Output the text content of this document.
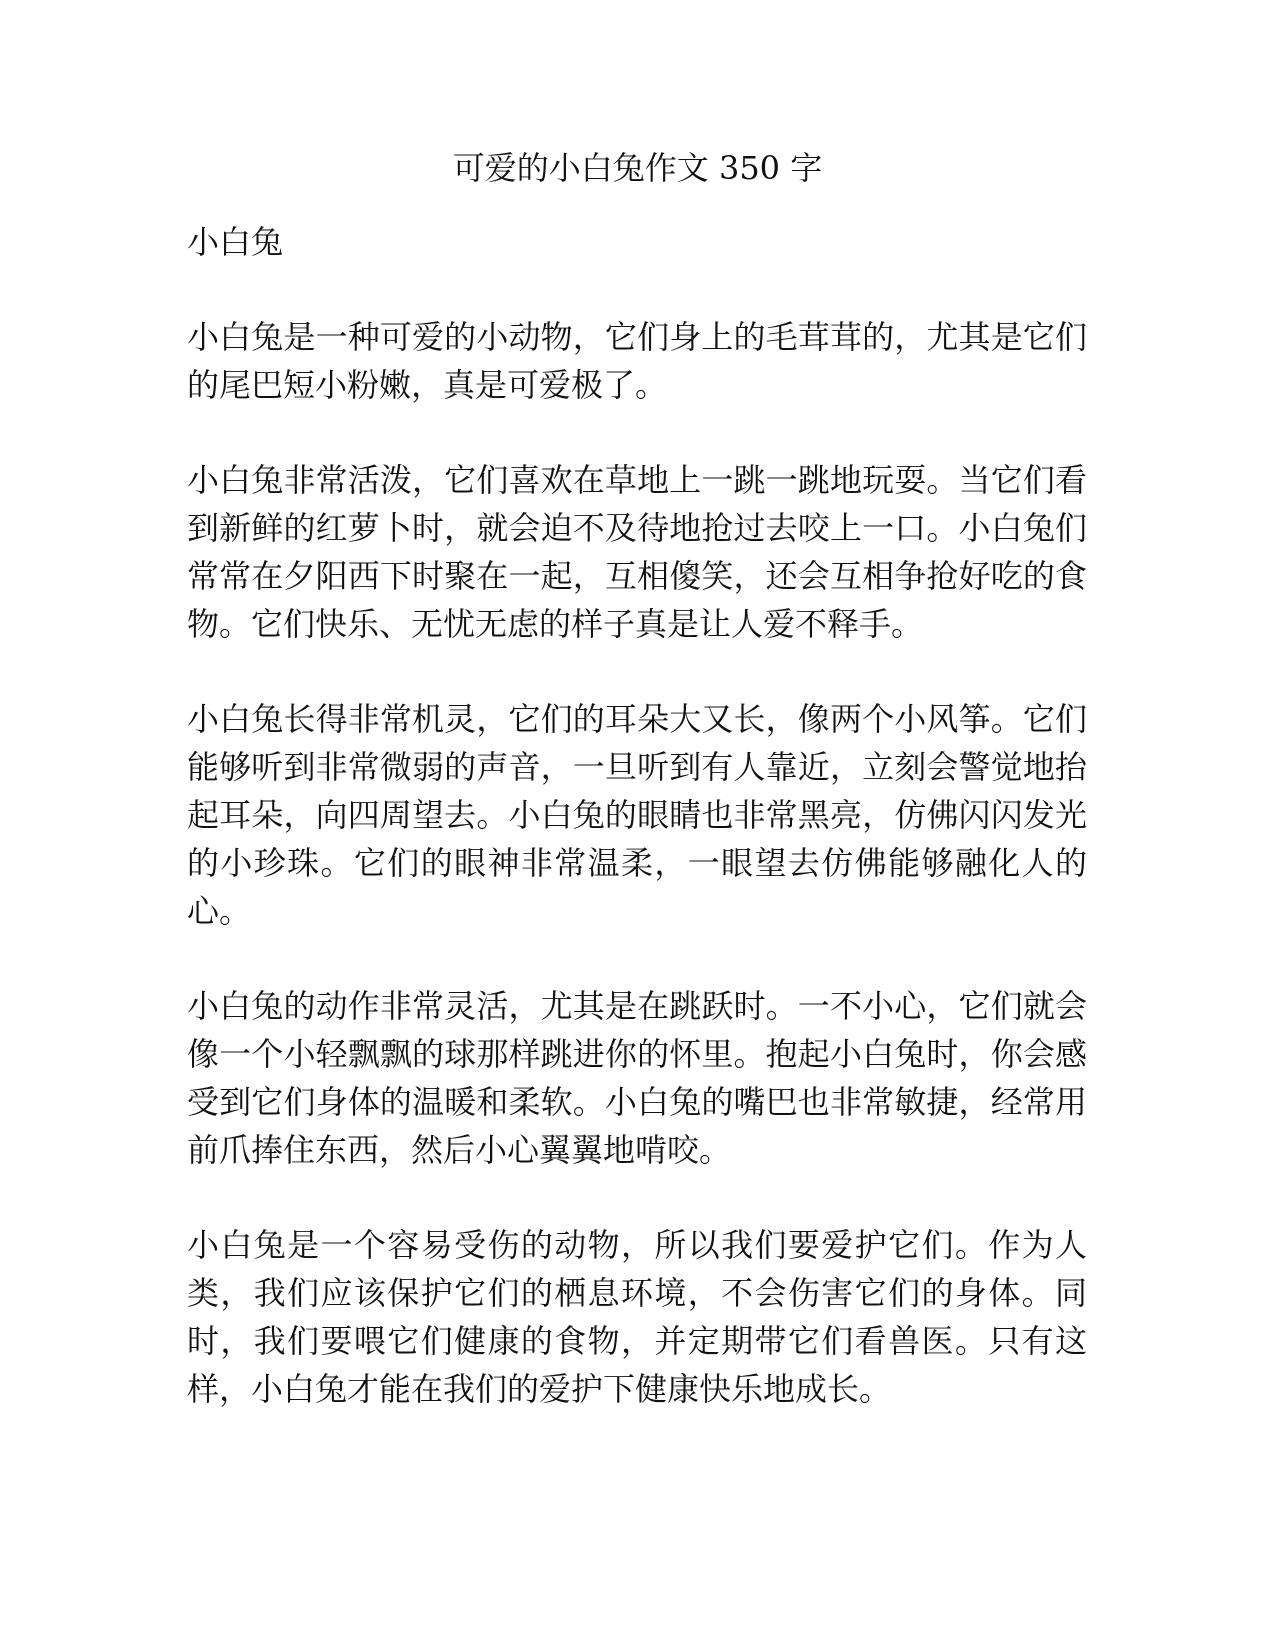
可爱的小白兔作文 350 字

小白兔

小白兔是一种可爱的小动物，它们身上的毛茸茸的，尤其是它们的尾巴短小粉嫩，真是可爱极了。

小白兔非常活泼，它们喜欢在草地上一跳一跳地玩耍。当它们看到新鲜的红萝卜时，就会迫不及待地抢过去咬上一口。小白兔们常常在夕阳西下时聚在一起，互相傻笑，还会互相争抢好吃的食物。它们快乐、无忧无虑的样子真是让人爱不释手。

小白兔长得非常机灵，它们的耳朵大又长，像两个小风筝。它们能够听到非常微弱的声音，一旦听到有人靠近，立刻会警觉地抬起耳朵，向四周望去。小白兔的眼睛也非常黑亮，仿佛闪闪发光的小珍珠。它们的眼神非常温柔，一眼望去仿佛能够融化人的心。

小白兔的动作非常灵活，尤其是在跳跃时。一不小心，它们就会像一个小轻飘飘的球那样跳进你的怀里。抱起小白兔时，你会感受到它们身体的温暖和柔软。小白兔的嘴巴也非常敏捷，经常用前爪捧住东西，然后小心翼翼地啃咬。

小白兔是一个容易受伤的动物，所以我们要爱护它们。作为人类，我们应该保护它们的栖息环境，不会伤害它们的身体。同时，我们要喂它们健康的食物，并定期带它们看兽医。只有这样，小白兔才能在我们的爱护下健康快乐地成长。
